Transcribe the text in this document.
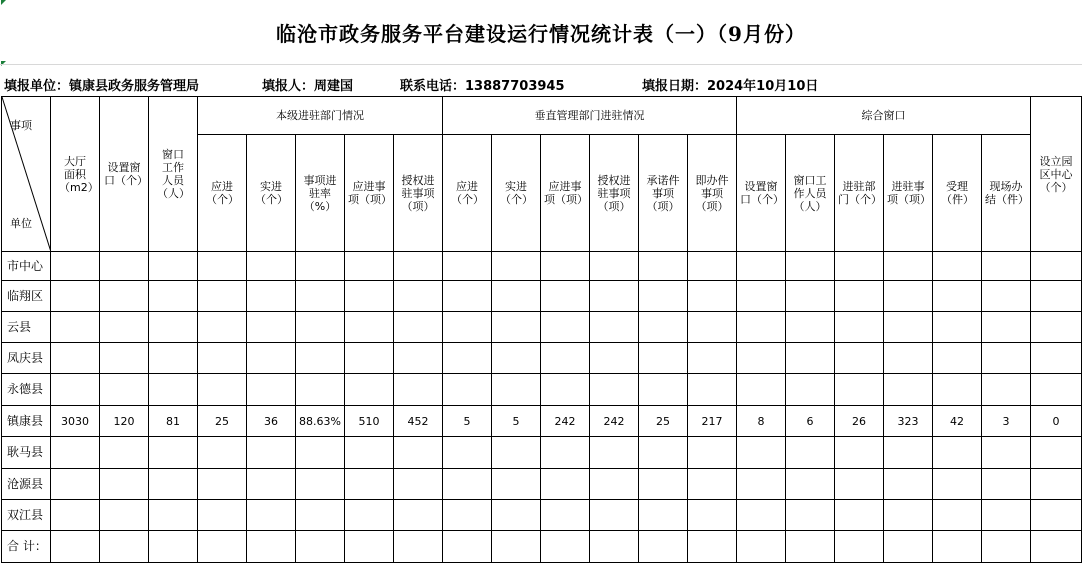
临沧市政务服务平台建设运行情况统计表（一）（9月份）
填报单位：镇康县政务服务管理局	填报人：周建国	联系电话：13887703945	填报日期：2024年10月10日
事项
单位	大厅面积（m2）	设置窗口（个）	窗口工作人员（人）	本级进驻部门情况					垂直管理部门进驻情况						综合窗口						设立园区中心（个）
				应进（个）	实进（个）	事项进驻率（%）	应进事项（项）	授权进驻事项（项）	应进（个）	实进（个）	应进事项（项）	授权进驻事项（项）	承诺件事项（项）	即办件事项（项）	设置窗口（个）	窗口工作人员（人）	进驻部门（个）	进驻事项（项）	受理（件）	现场办结（件）	
市中心																					
临翔区																					
云县																					
凤庆县																					
永德县																					
镇康县	3030	120	81	25	36	88.63%	510	452	5	5	242	242	25	217	8	6	26	323	42	3	0
耿马县																					
沧源县																					
双江县																					
合 计：																					
